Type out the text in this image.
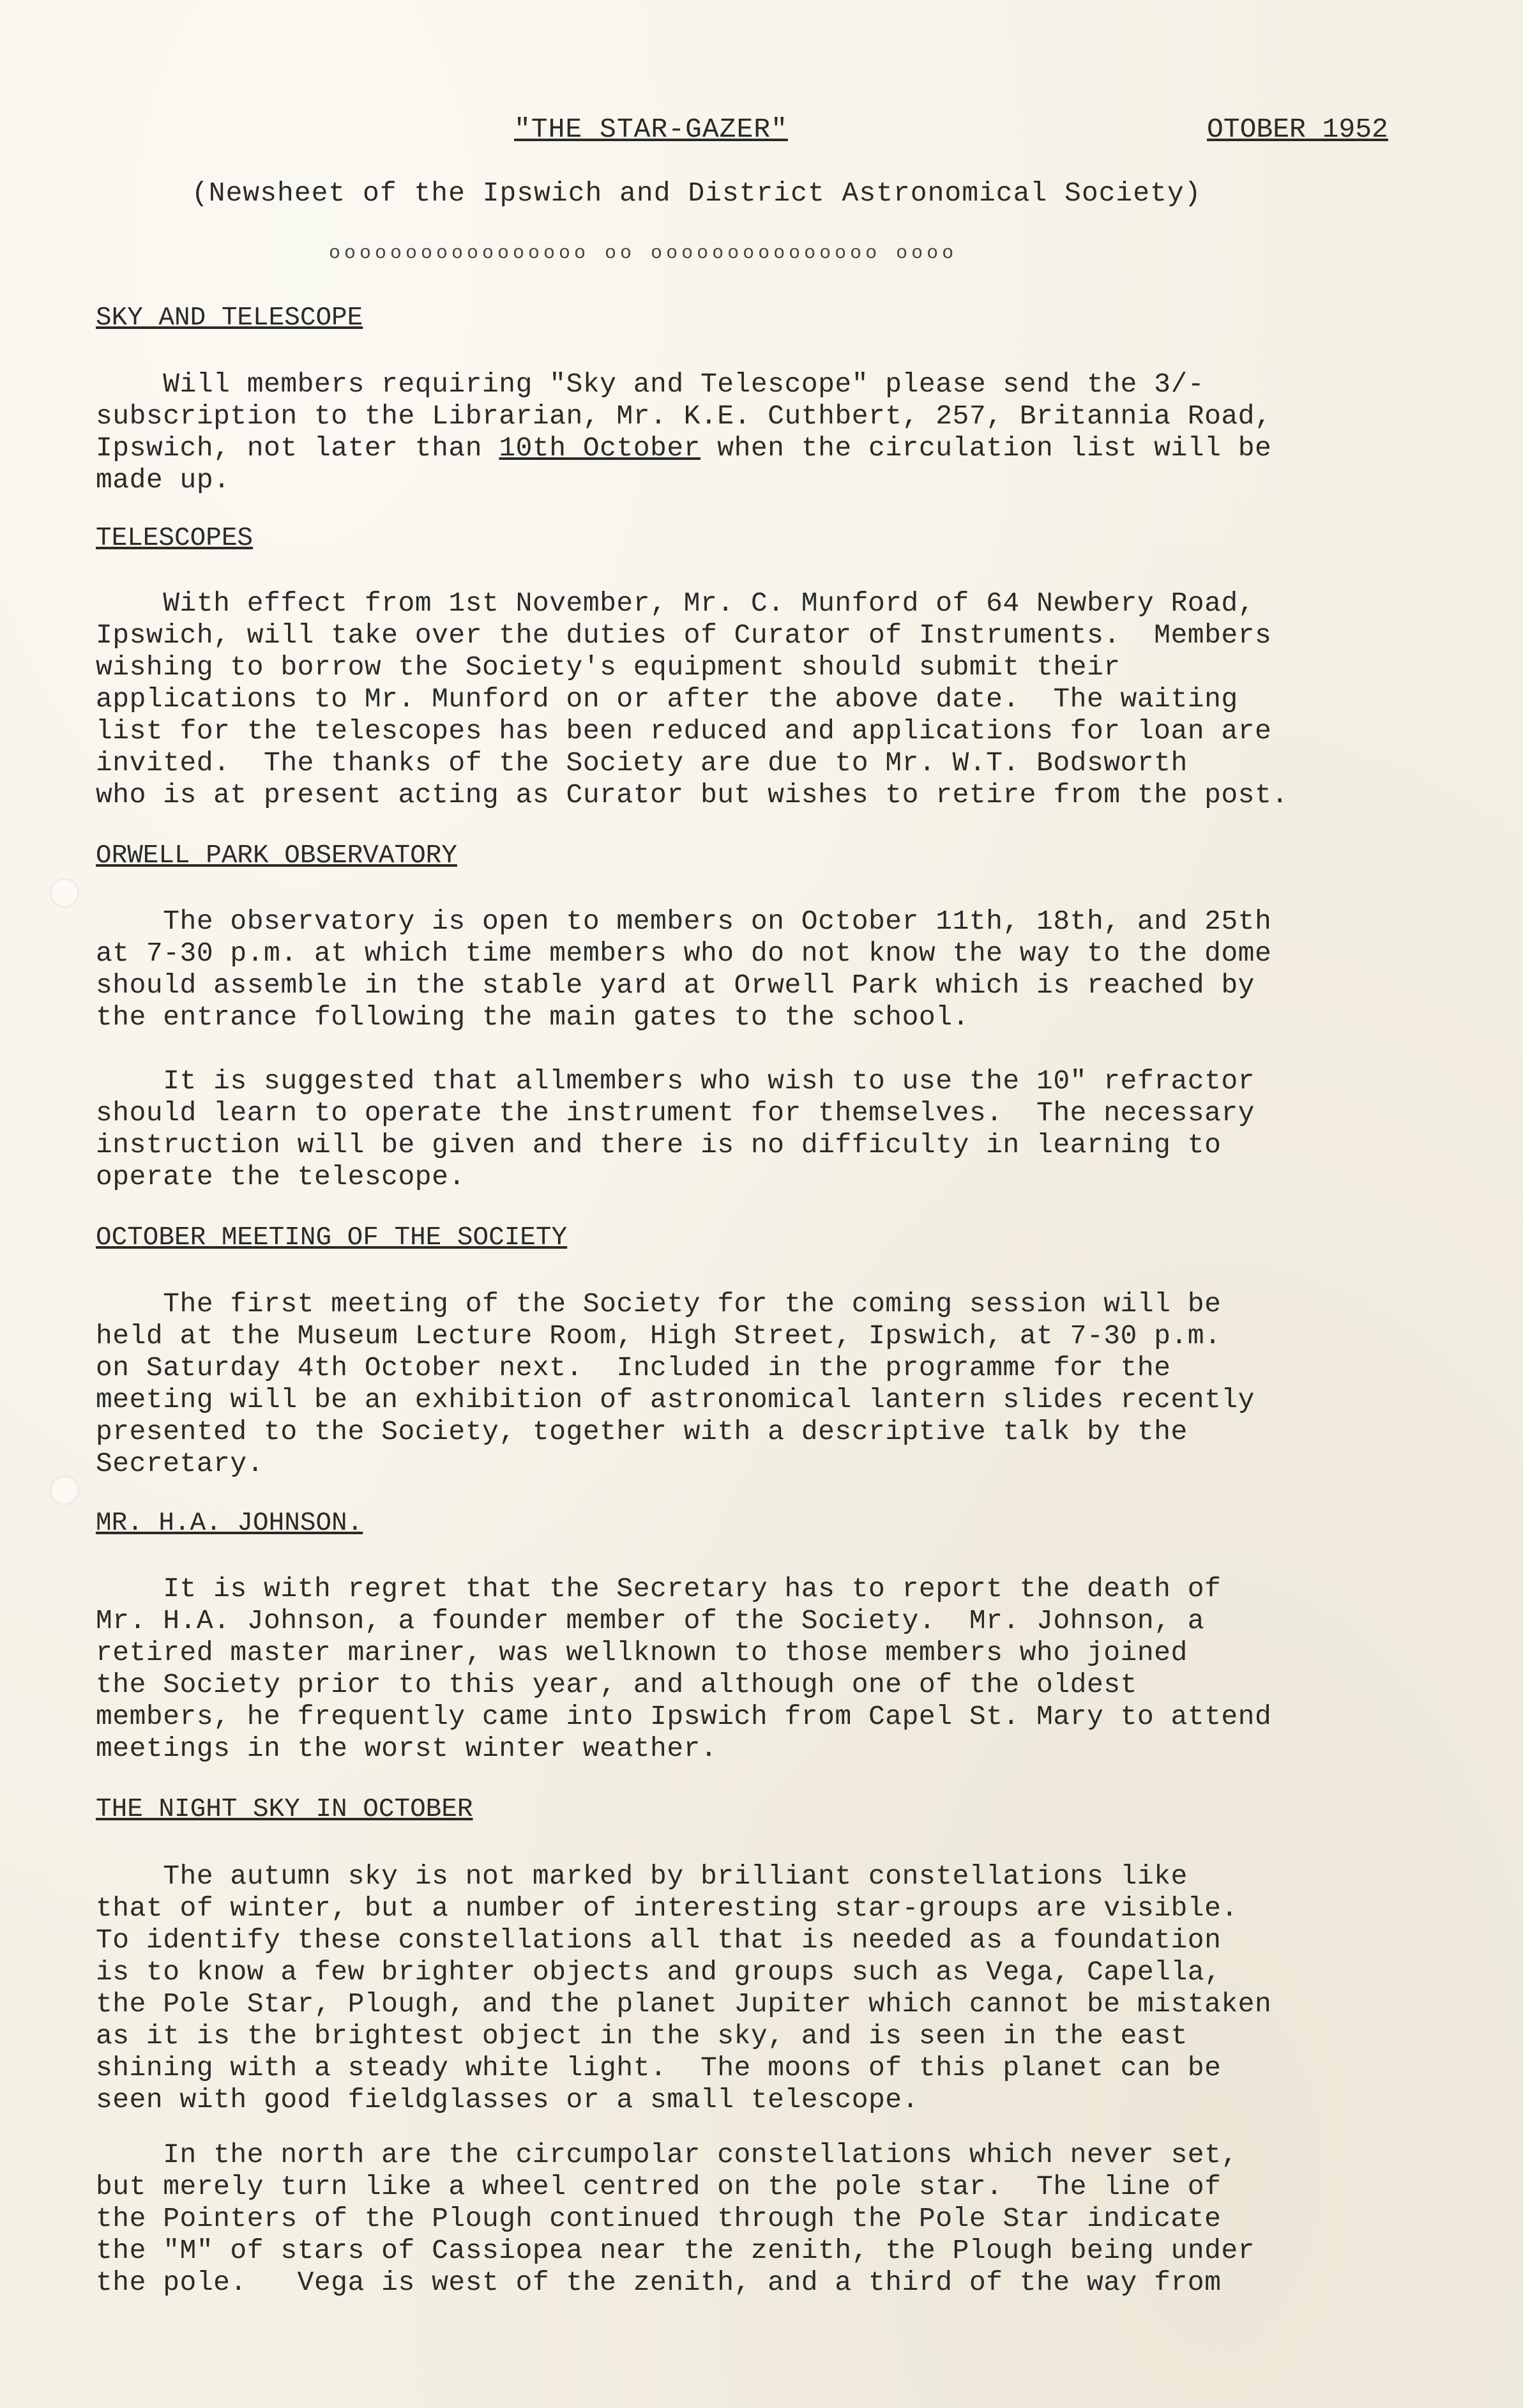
"THE STAR-GAZER"	OTOBER 1952
(Newsheet of the Ipswich and District Astronomical Society)
ooooooooooooooooo oo ooooooooooooooo oooo
SKY AND TELESCOPE
Will members requiring "Sky and Telescope" please send the 3/-
subscription to the Librarian, Mr. K.E. Cuthbert, 257, Britannia Road,
Ipswich, not later than 10th October when the circulation list will be
made up.
TELESCOPES
With effect from 1st November, Mr. C. Munford of 64 Newbery Road,
Ipswich, will take over the duties of Curator of Instruments.  Members
wishing to borrow the Society's equipment should submit their
applications to Mr. Munford on or after the above date.  The waiting
list for the telescopes has been reduced and applications for loan are
invited.  The thanks of the Society are due to Mr. W.T. Bodsworth
who is at present acting as Curator but wishes to retire from the post.
ORWELL PARK OBSERVATORY
The observatory is open to members on October 11th, 18th, and 25th
at 7-30 p.m. at which time members who do not know the way to the dome
should assemble in the stable yard at Orwell Park which is reached by
the entrance following the main gates to the school.
It is suggested that allmembers who wish to use the 10" refractor
should learn to operate the instrument for themselves.  The necessary
instruction will be given and there is no difficulty in learning to
operate the telescope.
OCTOBER MEETING OF THE SOCIETY
The first meeting of the Society for the coming session will be
held at the Museum Lecture Room, High Street, Ipswich, at 7-30 p.m.
on Saturday 4th October next.  Included in the programme for the
meeting will be an exhibition of astronomical lantern slides recently
presented to the Society, together with a descriptive talk by the
Secretary.
MR. H.A. JOHNSON.
It is with regret that the Secretary has to report the death of
Mr. H.A. Johnson, a founder member of the Society.  Mr. Johnson, a
retired master mariner, was wellknown to those members who joined
the Society prior to this year, and although one of the oldest
members, he frequently came into Ipswich from Capel St. Mary to attend
meetings in the worst winter weather.
THE NIGHT SKY IN OCTOBER
The autumn sky is not marked by brilliant constellations like
that of winter, but a number of interesting star-groups are visible.
To identify these constellations all that is needed as a foundation
is to know a few brighter objects and groups such as Vega, Capella,
the Pole Star, Plough, and the planet Jupiter which cannot be mistaken
as it is the brightest object in the sky, and is seen in the east
shining with a steady white light.  The moons of this planet can be
seen with good fieldglasses or a small telescope.
In the north are the circumpolar constellations which never set,
but merely turn like a wheel centred on the pole star.  The line of
the Pointers of the Plough continued through the Pole Star indicate
the "M" of stars of Cassiopea near the zenith, the Plough being under
the pole.   Vega is west of the zenith, and a third of the way from
